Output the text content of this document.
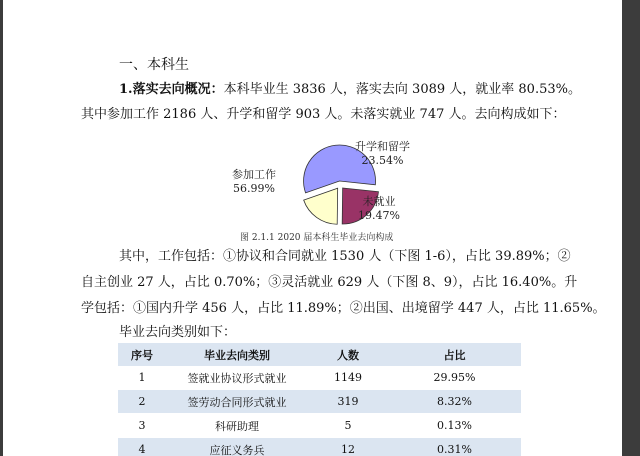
一、本科生
1.落实去向概况：本科毕业生 3836 人，落实去向 3089 人，就业率 80.53%。
其中参加工作 2186 人、升学和留学 903 人。未落实就业 747 人。去向构成如下：
参加工作
56.99%
升学和留学
23.54%
未就业
19.47%
图 2.1.1 2020 届本科生毕业去向构成
其中，工作包括：①协议和合同就业 1530 人（下图 1-6），占比 39.89%；②
自主创业 27 人，占比 0.70%；③灵活就业 629 人（下图 8、9），占比 16.40%。升
学包括：①国内升学 456 人，占比 11.89%；②出国、出境留学 447 人，占比 11.65%。
毕业去向类别如下：
序号	毕业去向类别	人数	占比
1	签就业协议形式就业	1149	29.95%
2	签劳动合同形式就业	319	8.32%
3	科研助理	5	0.13%
4	应征义务兵	12	0.31%
